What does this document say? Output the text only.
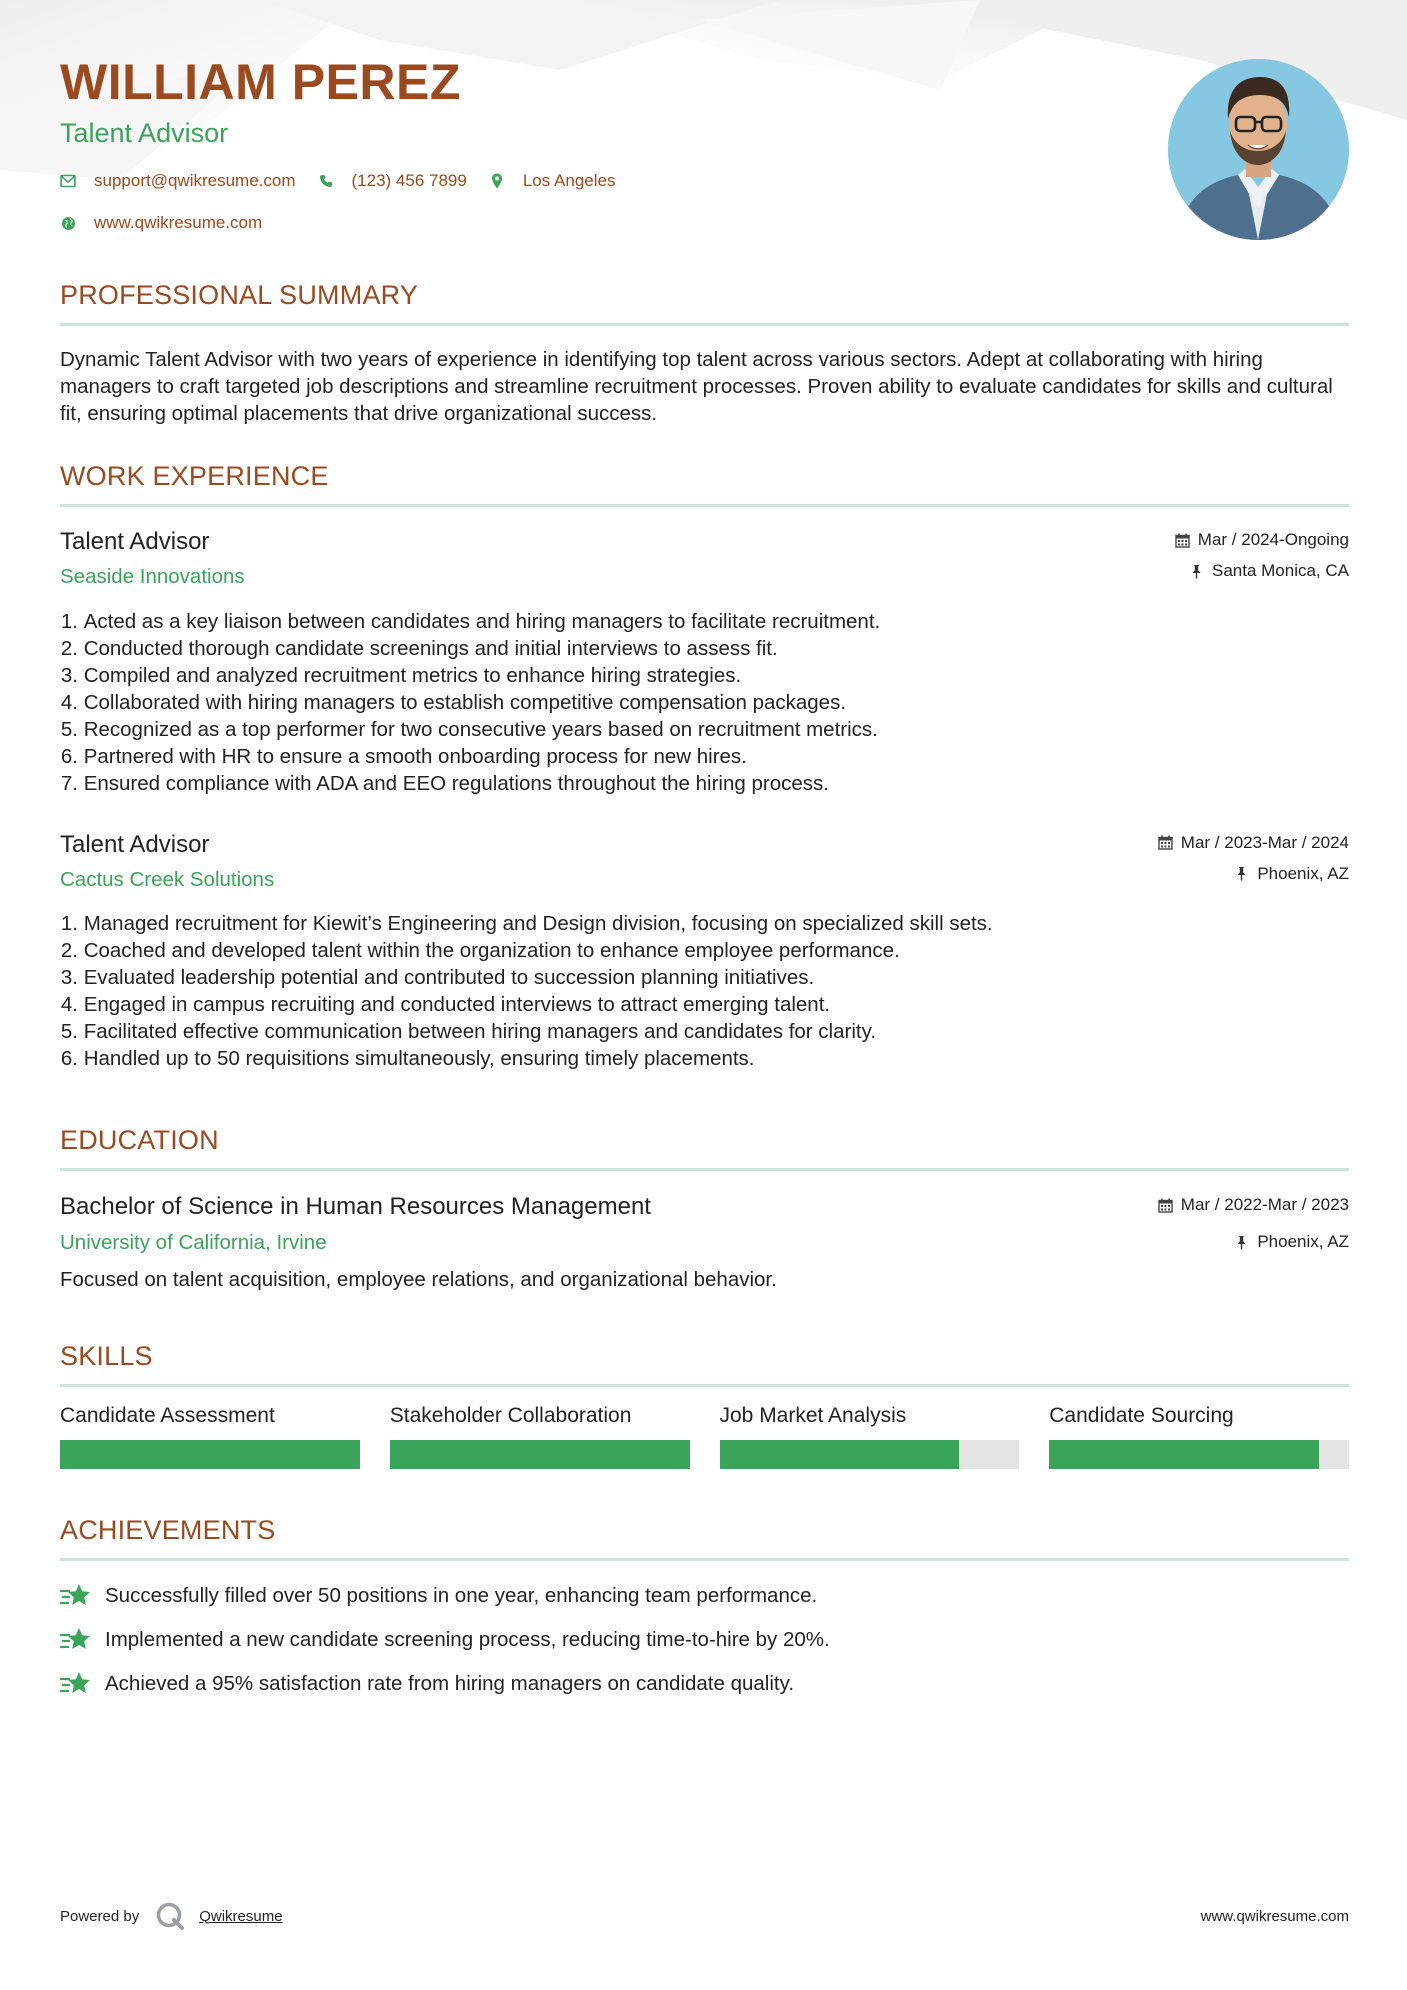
WILLIAM PEREZ
Talent Advisor
support@qwikresume.com	(123) 456 7899	Los Angeles
www.qwikresume.com
PROFESSIONAL SUMMARY
Dynamic Talent Advisor with two years of experience in identifying top talent across various sectors. Adept at collaborating with hiring managers to craft targeted job descriptions and streamline recruitment processes. Proven ability to evaluate candidates for skills and cultural fit, ensuring optimal placements that drive organizational success.
WORK EXPERIENCE
Talent Advisor
Seaside Innovations
Mar / 2024-Ongoing
Santa Monica, CA
1. Acted as a key liaison between candidates and hiring managers to facilitate recruitment.
2. Conducted thorough candidate screenings and initial interviews to assess fit.
3. Compiled and analyzed recruitment metrics to enhance hiring strategies.
4. Collaborated with hiring managers to establish competitive compensation packages.
5. Recognized as a top performer for two consecutive years based on recruitment metrics.
6. Partnered with HR to ensure a smooth onboarding process for new hires.
7. Ensured compliance with ADA and EEO regulations throughout the hiring process.
Talent Advisor
Cactus Creek Solutions
Mar / 2023-Mar / 2024
Phoenix, AZ
1. Managed recruitment for Kiewit’s Engineering and Design division, focusing on specialized skill sets.
2. Coached and developed talent within the organization to enhance employee performance.
3. Evaluated leadership potential and contributed to succession planning initiatives.
4. Engaged in campus recruiting and conducted interviews to attract emerging talent.
5. Facilitated effective communication between hiring managers and candidates for clarity.
6. Handled up to 50 requisitions simultaneously, ensuring timely placements.
EDUCATION
Bachelor of Science in Human Resources Management
University of California, Irvine
Mar / 2022-Mar / 2023
Phoenix, AZ
Focused on talent acquisition, employee relations, and organizational behavior.
SKILLS
Candidate Assessment	Stakeholder Collaboration	Job Market Analysis	Candidate Sourcing
ACHIEVEMENTS
Successfully filled over 50 positions in one year, enhancing team performance.
Implemented a new candidate screening process, reducing time-to-hire by 20%.
Achieved a 95% satisfaction rate from hiring managers on candidate quality.
Powered by	Qwikresume	www.qwikresume.com
